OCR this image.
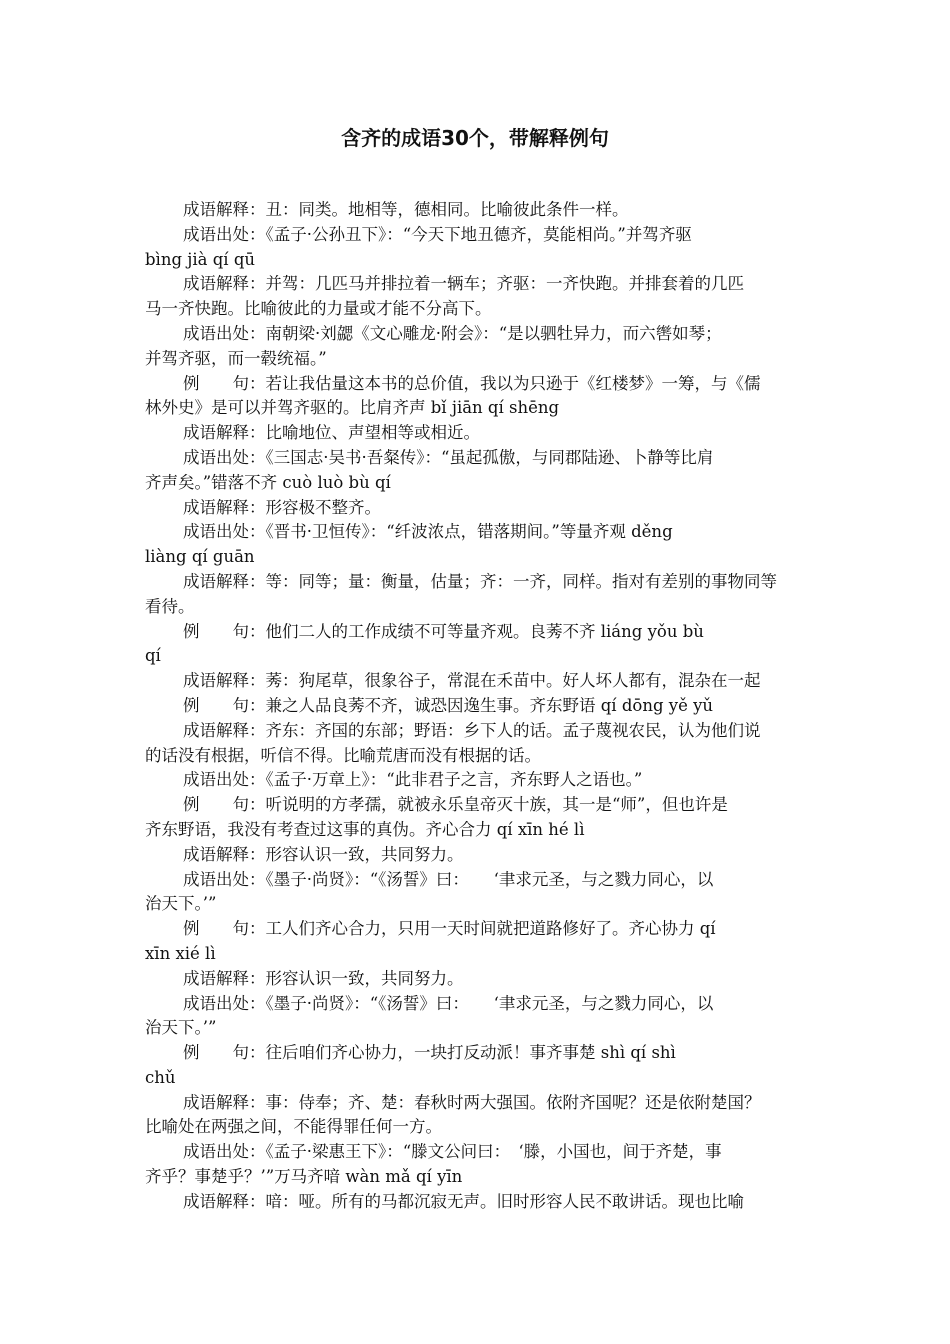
含齐的成语30个，带解释例句
成语解释：丑：同类。地相等，德相同。比喻彼此条件一样。
成语出处：《孟子·公孙丑下》：“今天下地丑德齐，莫能相尚。”并驾齐驱
bìng jià qí qū
成语解释：并驾：几匹马并排拉着一辆车；齐驱：一齐快跑。并排套着的几匹
马一齐快跑。比喻彼此的力量或才能不分高下。
成语出处：南朝梁·刘勰《文心雕龙·附会》：“是以驷牡异力，而六辔如琴；
并驾齐驱，而一毂统福。”
例　　句：若让我估量这本书的总价值，我以为只逊于《红楼梦》一筹，与《儒
林外史》是可以并驾齐驱的。比肩齐声 bǐ jiān qí shēng
成语解释：比喻地位、声望相等或相近。
成语出处：《三国志·吴书·吾粲传》：“虽起孤傲，与同郡陆逊、卜静等比肩
齐声矣。”错落不齐 cuò luò bù qí
成语解释：形容极不整齐。
成语出处：《晋书·卫恒传》：“纤波浓点，错落期间。”等量齐观 děng
liàng qí guān
成语解释：等：同等；量：衡量，估量；齐：一齐，同样。指对有差别的事物同等
看待。
例　　句：他们二人的工作成绩不可等量齐观。良莠不齐 liáng yǒu bù
qí
成语解释：莠：狗尾草，很象谷子，常混在禾苗中。好人坏人都有，混杂在一起
例　　句：兼之人品良莠不齐，诚恐因逸生事。齐东野语 qí dōng yě yǔ
成语解释：齐东：齐国的东部；野语：乡下人的话。孟子蔑视农民，认为他们说
的话没有根据，听信不得。比喻荒唐而没有根据的话。
成语出处：《孟子·万章上》：“此非君子之言，齐东野人之语也。”
例　　句：听说明的方孝孺，就被永乐皇帝灭十族，其一是“师”，但也许是
齐东野语，我没有考查过这事的真伪。齐心合力 qí xīn hé lì
成语解释：形容认识一致，共同努力。
成语出处：《墨子·尚贤》：“《汤誓》曰：　　‘聿求元圣，与之戮力同心，以
治天下。’”
例　　句：工人们齐心合力，只用一天时间就把道路修好了。齐心协力 qí
xīn xié lì
成语解释：形容认识一致，共同努力。
成语出处：《墨子·尚贤》：“《汤誓》曰：　　‘聿求元圣，与之戮力同心，以
治天下。’”
例　　句：往后咱们齐心协力，一块打反动派！事齐事楚 shì qí shì
chǔ
成语解释：事：侍奉；齐、楚：春秋时两大强国。依附齐国呢？还是依附楚国？
比喻处在两强之间，不能得罪任何一方。
成语出处：《孟子·梁惠王下》：“滕文公问曰：　‘滕，小国也，间于齐楚，事
齐乎？事楚乎？’”万马齐喑 wàn mǎ qí yīn
成语解释：喑：哑。所有的马都沉寂无声。旧时形容人民不敢讲话。现也比喻
